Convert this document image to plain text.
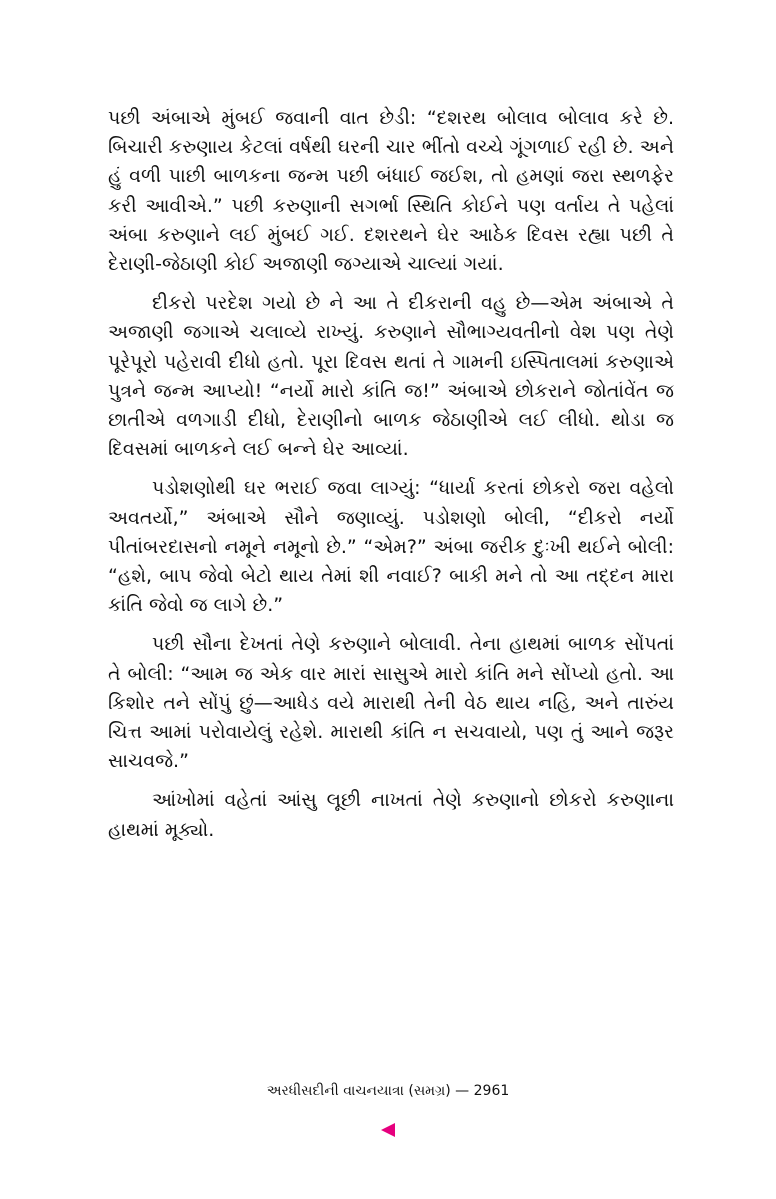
પછી અંબાએ મુંબઈ જવાની વાત છેડી: “દશરથ બોલાવ બોલાવ કરે છે. બિચારી કરુણાય કેટલાં વર્ષથી ઘરની ચાર ભીંતો વચ્ચે ગૂંગળાઈ રહી છે. અને હું વળી પાછી બાળકના જન્મ પછી બંધાઈ જઈશ, તો હમણાં જરા સ્થળફેર કરી આવીએ.” પછી કરુણાની સગર્ભા સ્થિતિ કોઈને પણ વર્તાય તે પહેલાં અંબા કરુણાને લઈ મુંબઈ ગઈ. દશરથને ઘેર આઠેક દિવસ રહ્યા પછી તે દેરાણી-જેઠાણી કોઈ અજાણી જગ્યાએ ચાલ્યાં ગયાં.

દીકરો પરદેશ ગયો છે ને આ તે દીકરાની વહુ છે—એમ અંબાએ તે અજાણી જગાએ ચલાવ્યે રાખ્યું. કરુણાને સૌભાગ્યવતીનો વેશ પણ તેણે પૂરેપૂરો પહેરાવી દીધો હતો. પૂરા દિવસ થતાં તે ગામની ઇસ્પિતાલમાં કરુણાએ પુત્રને જન્મ આપ્યો! “નર્યો મારો કાંતિ જ!” અંબાએ છોકરાને જોતાંવેંત જ છાતીએ વળગાડી દીધો, દેરાણીનો બાળક જેઠાણીએ લઈ લીધો. થોડા જ દિવસમાં બાળકને લઈ બન્ને ઘેર આવ્યાં.

પડોશણોથી ઘર ભરાઈ જવા લાગ્યું: “ધાર્યા કરતાં છોકરો જરા વહેલો અવતર્યો,” અંબાએ સૌને જણાવ્યું. પડોશણો બોલી, “દીકરો નર્યો પીતાંબરદાસનો નમૂને નમૂનો છે.” “એમ?” અંબા જરીક દુઃખી થઈને બોલી: “હશે, બાપ જેવો બેટો થાય તેમાં શી નવાઈ? બાકી મને તો આ તદ્દન મારા કાંતિ જેવો જ લાગે છે.”

પછી સૌના દેખતાં તેણે કરુણાને બોલાવી. તેના હાથમાં બાળક સોંપતાં તે બોલી: “આમ જ એક વાર મારાં સાસુએ મારો કાંતિ મને સોંપ્યો હતો. આ કિશોર તને સોંપું છું—આધેડ વયે મારાથી તેની વેઠ થાય નહિ, અને તારુંય ચિત્ત આમાં પરોવાયેલું રહેશે. મારાથી કાંતિ ન સચવાયો, પણ તું આને જરૂર સાચવજે.”

આંખોમાં વહેતાં આંસુ લૂછી નાખતાં તેણે કરુણાનો છોકરો કરુણાના હાથમાં મૂક્યો.

અરધીસદીની વાચનયાત્રા (સમગ્ર) — 2961
